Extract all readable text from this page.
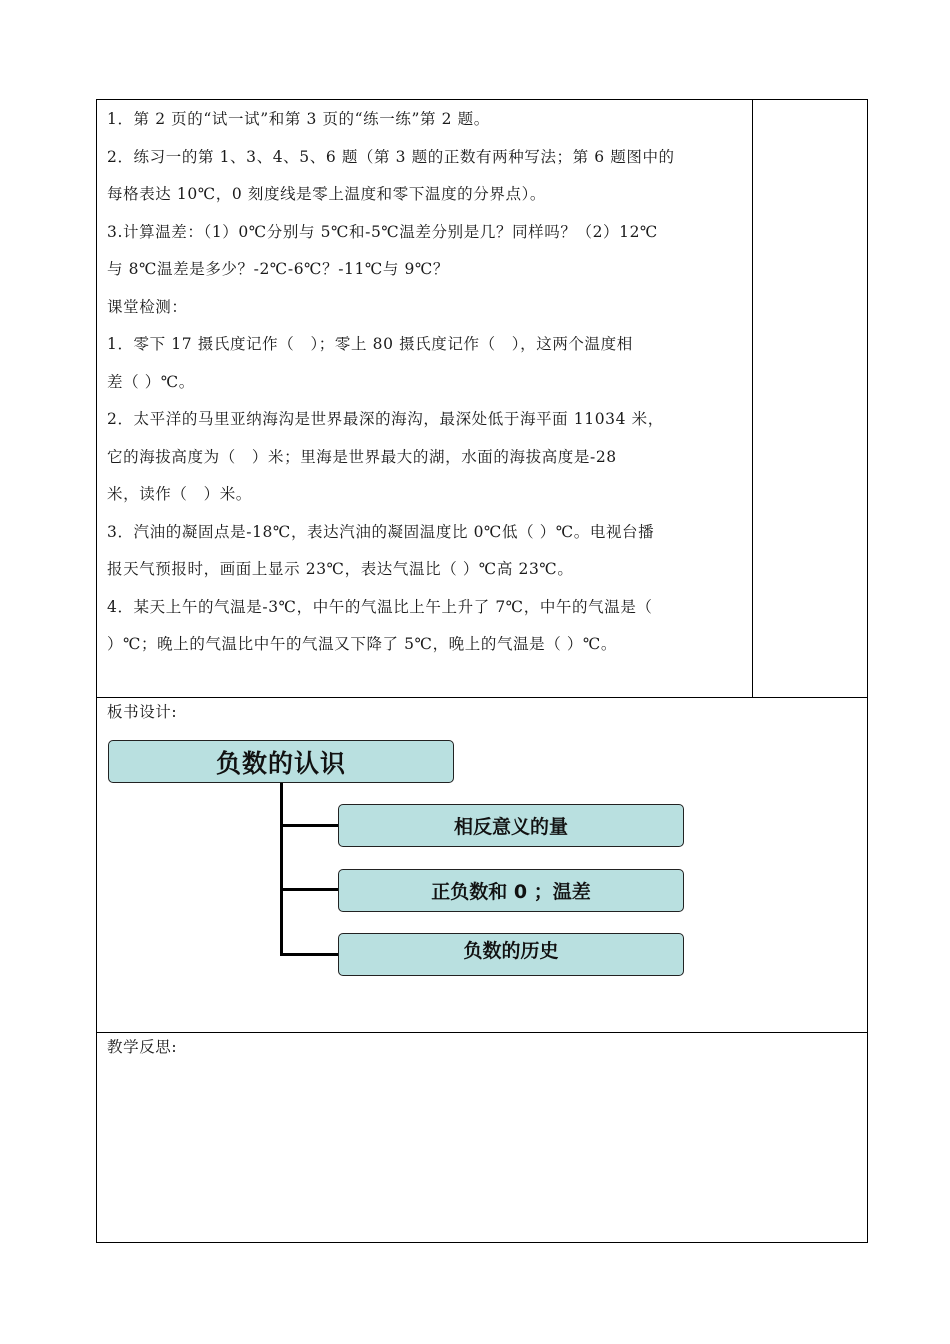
1．第 2 页的“试一试”和第 3 页的“练一练”第 2 题。
2．练习一的第 1、3、4、5、6 题（第 3 题的正数有两种写法；第 6 题图中的
每格表达 10℃，0 刻度线是零上温度和零下温度的分界点）。
3.计算温差：（1）0℃分别与 5℃和-5℃温差分别是几？同样吗？（2）12℃
与 8℃温差是多少？-2℃-6℃？-11℃与 9℃？
课堂检测：
1．零下 17 摄氏度记作（　）；零上 80 摄氏度记作（　），这两个温度相
差（ ）℃。
2．太平洋的马里亚纳海沟是世界最深的海沟，最深处低于海平面 11034 米，
它的海拔高度为（　）米；里海是世界最大的湖，水面的海拔高度是-28
米，读作（　）米。
3．汽油的凝固点是-18℃，表达汽油的凝固温度比 0℃低（ ）℃。电视台播
报天气预报时，画面上显示 23℃，表达气温比（ ）℃高 23℃。
4．某天上午的气温是-3℃，中午的气温比上午上升了 7℃，中午的气温是（
）℃；晚上的气温比中午的气温又下降了 5℃，晚上的气温是（ ）℃。
板书设计:
教学反思:
负数的认识
相反意义的量
正负数和 0 ；温差
负数的历史
